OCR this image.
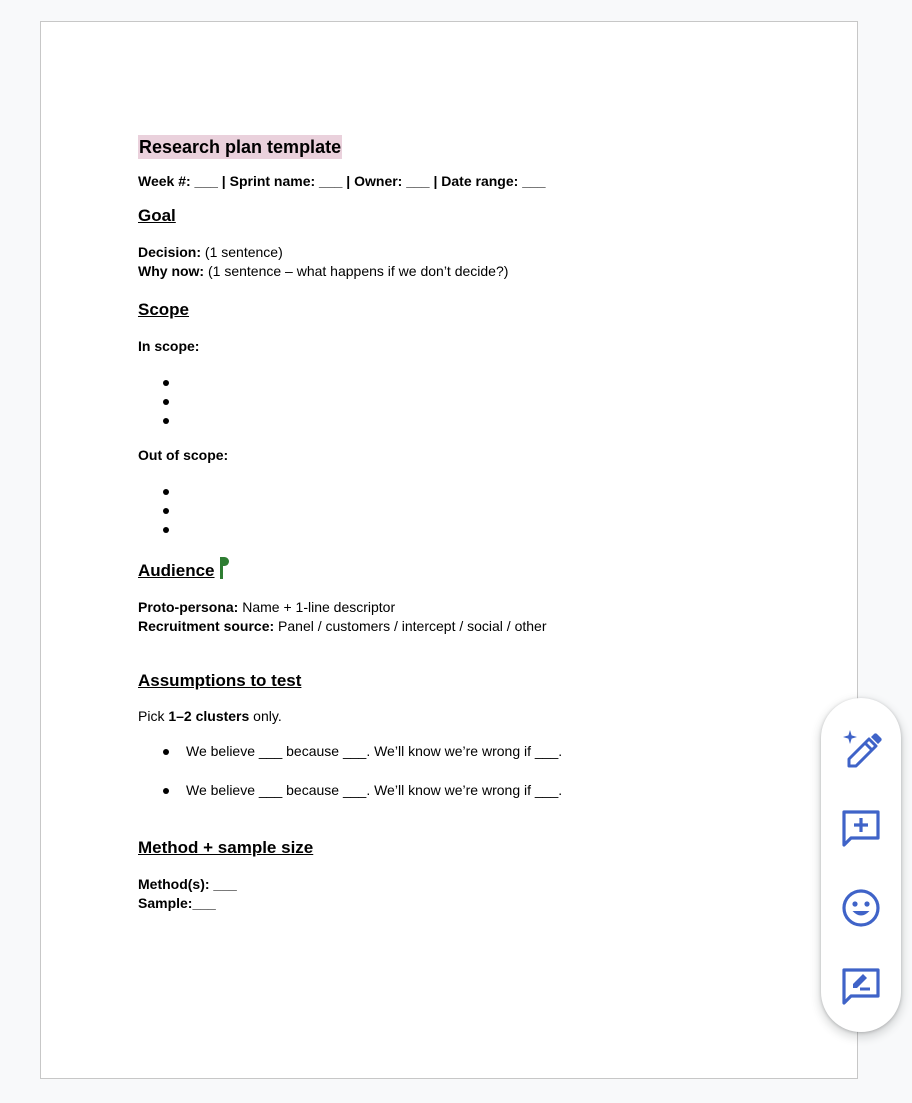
Research plan template
Week #: ___ | Sprint name: ___ | Owner: ___ | Date range: ___
Goal
Decision: (1 sentence)
Why now: (1 sentence – what happens if we don’t decide?)
Scope
In scope:
Out of scope:
Audience
Proto-persona: Name + 1-line descriptor
Recruitment source: Panel / customers / intercept / social / other
Assumptions to test
Pick 1–2 clusters only.
We believe ___ because ___. We’ll know we’re wrong if ___.
We believe ___ because ___. We’ll know we’re wrong if ___.
Method + sample size
Method(s): ___
Sample:___
